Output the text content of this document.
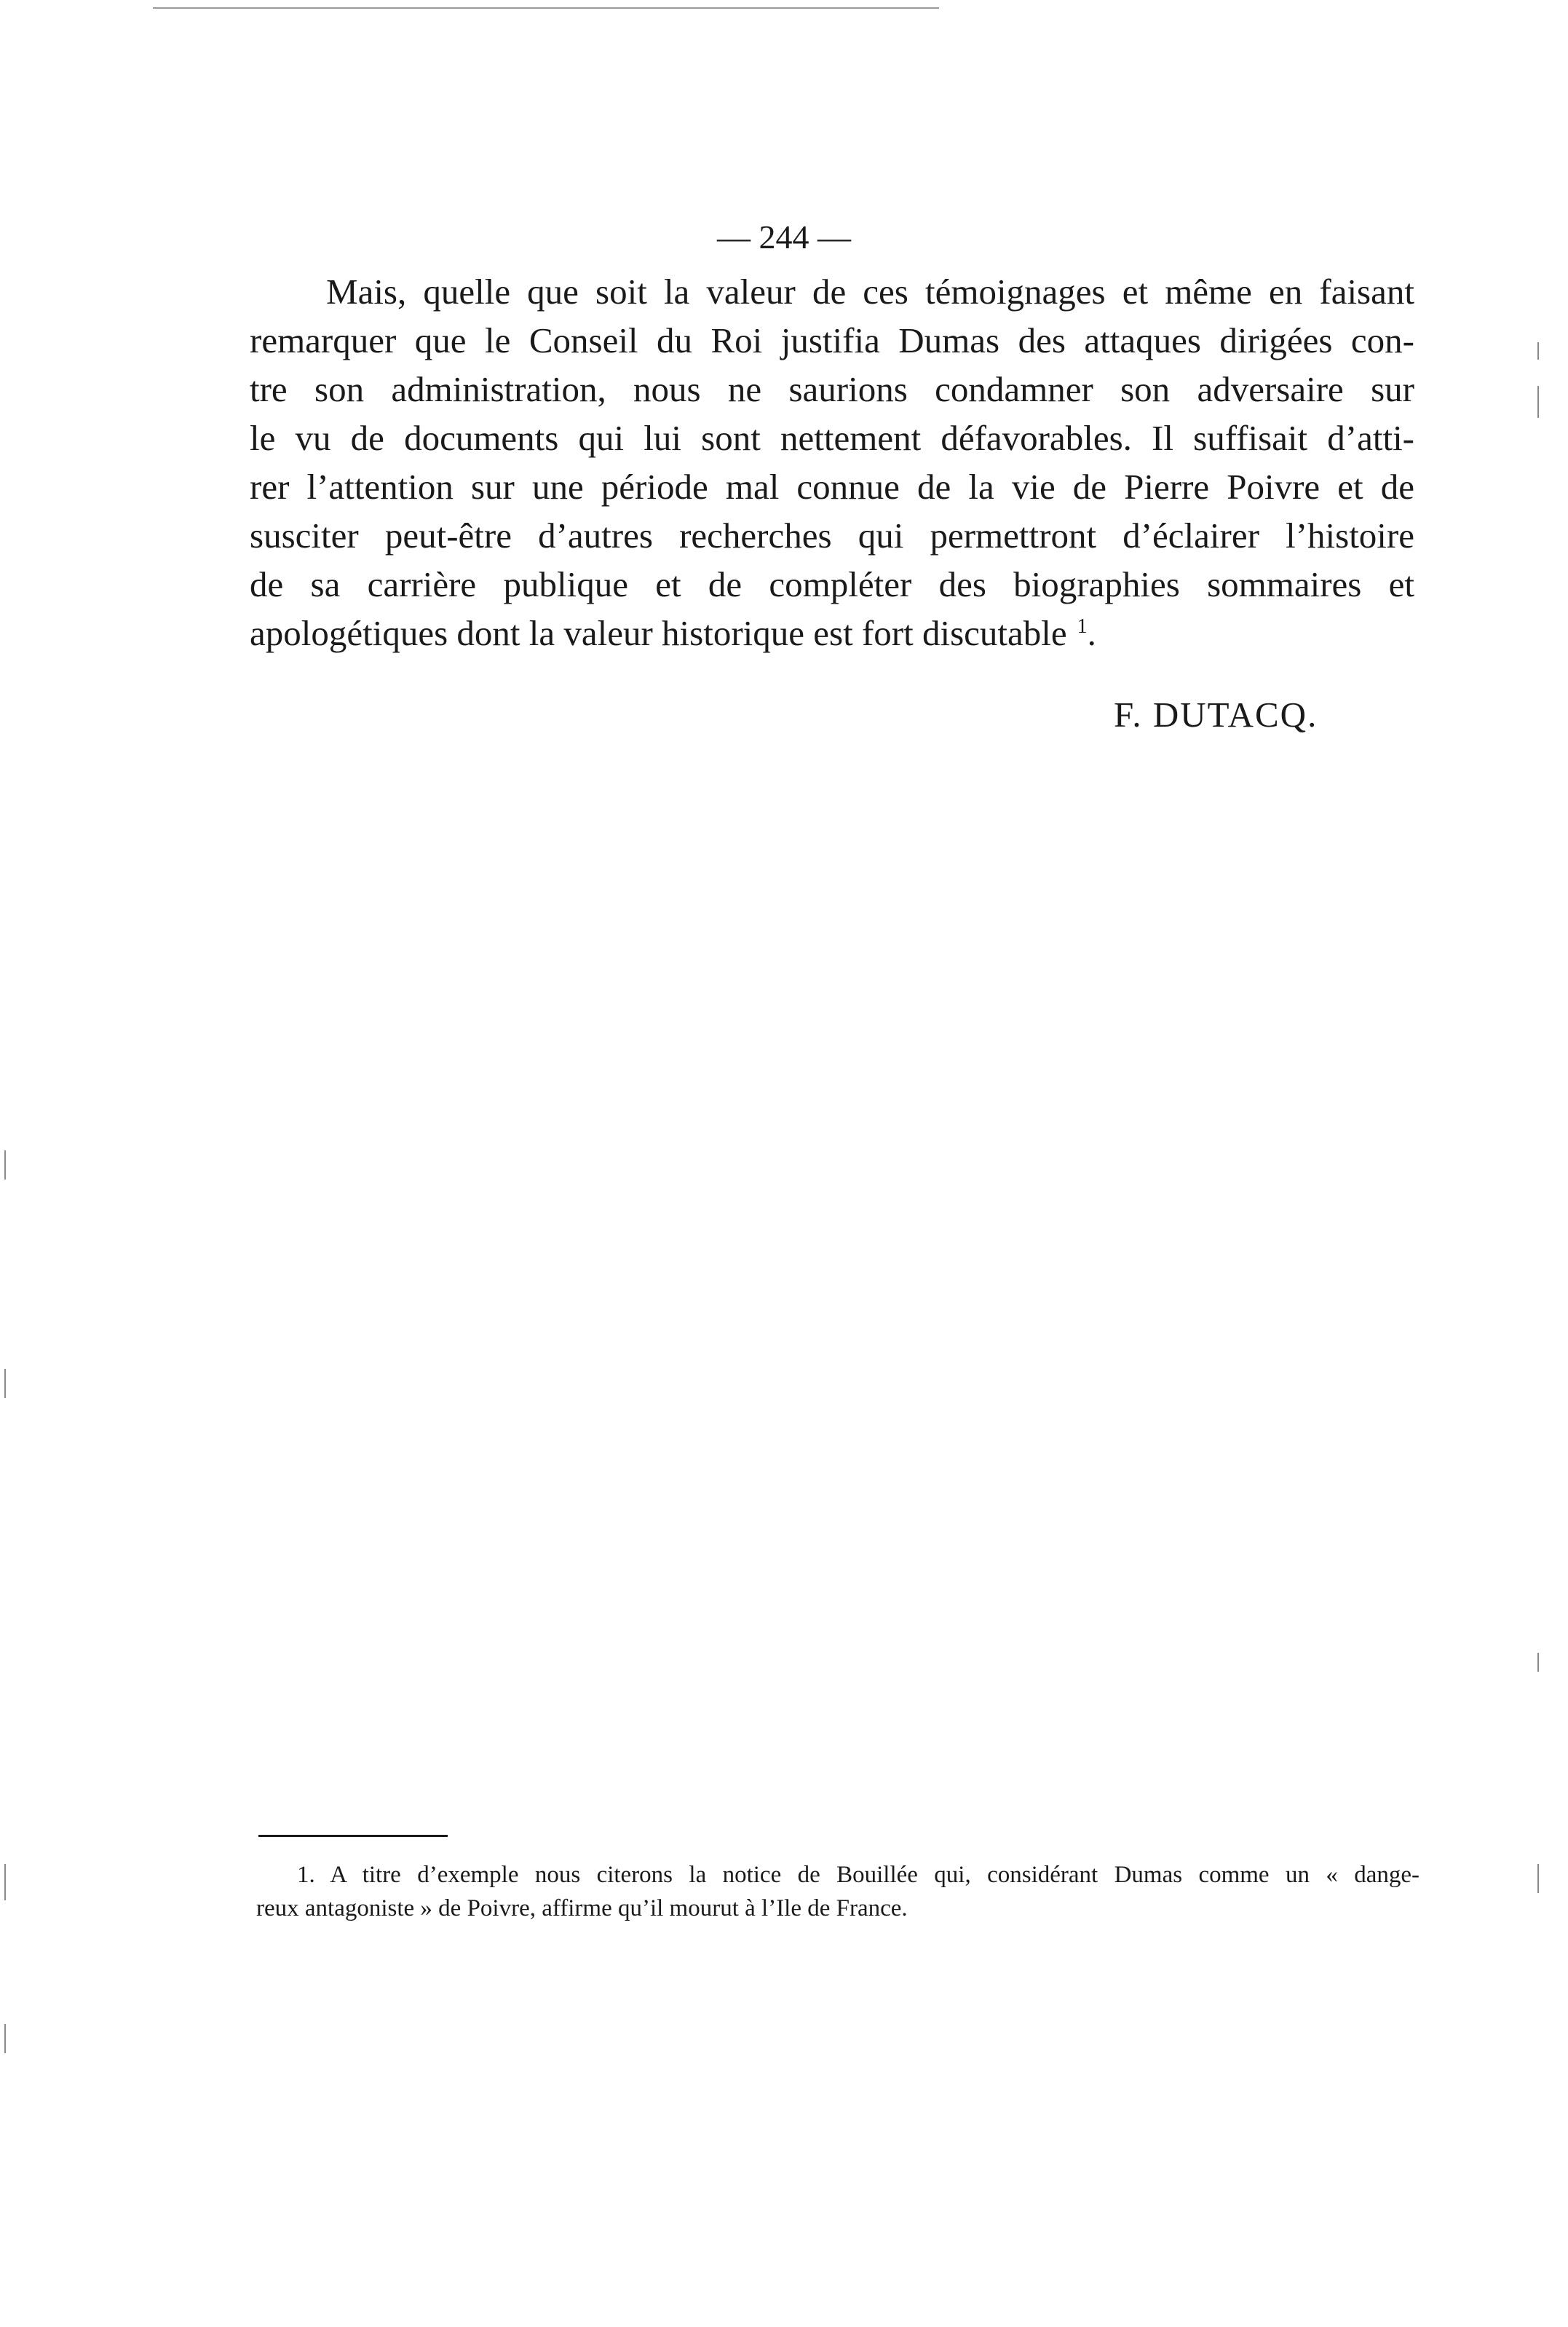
— 244 —
Mais, quelle que soit la valeur de ces témoignages et même en faisant
remarquer que le Conseil du Roi justifia Dumas des attaques dirigées con-
tre son administration, nous ne saurions condamner son adversaire sur
le vu de documents qui lui sont nettement défavorables. Il suffisait d’atti-
rer l’attention sur une période mal connue de la vie de Pierre Poivre et de
susciter peut-être d’autres recherches qui permettront d’éclairer l’histoire
de sa carrière publique et de compléter des biographies sommaires et
apologétiques dont la valeur historique est fort discutable $^1$.
F. DUTACQ.
1. A titre d’exemple nous citerons la notice de Bouillée qui, considérant Dumas comme un « dange-
reux antagoniste » de Poivre, affirme qu’il mourut à l’Ile de France.
